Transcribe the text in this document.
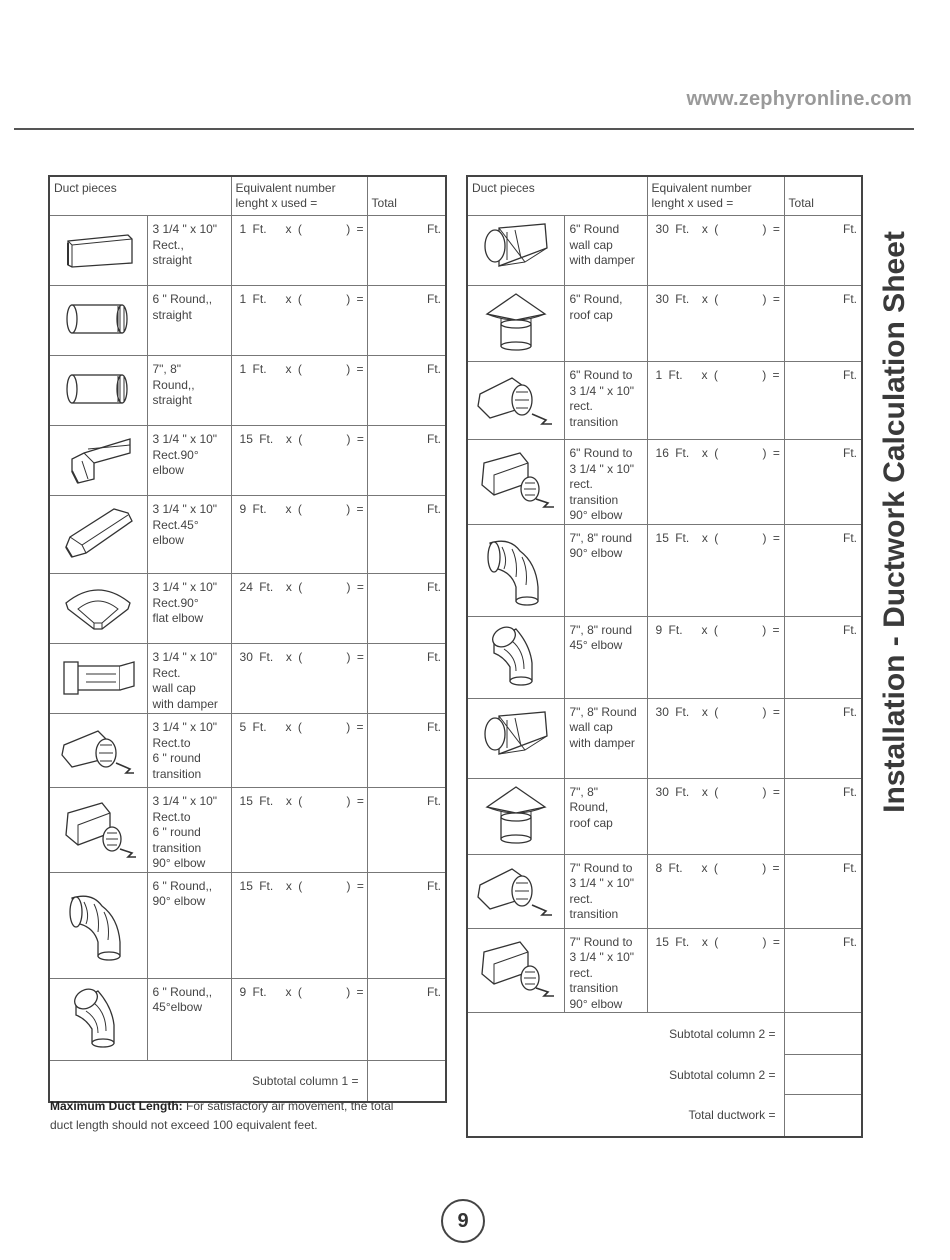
www.zephyronline.com
Installation - Ductwork Calculation Sheet
Duct pieces		Equivalent number
lenght x used =	Total
	3 1/4 " x 10"
Rect.,
straight	1 Ft.   x (       ) =	Ft.
	6 " Round,,
straight	1 Ft.   x (       ) =	Ft.
	7", 8"
Round,,
straight	1 Ft.   x (       ) =	Ft.
	3 1/4 " x 10"
Rect.90°
elbow	15 Ft.  x (       ) =	Ft.
	3 1/4 " x 10"
Rect.45°
elbow	9 Ft.   x (       ) =	Ft.
	3 1/4 " x 10"
Rect.90°
flat elbow	24 Ft.  x (       ) =	Ft.
	3 1/4 " x 10"
Rect.
wall cap
with damper	30 Ft.  x (       ) =	Ft.
	3 1/4 " x 10"
Rect.to
6 " round
transition	5 Ft.   x (       ) =	Ft.
	3 1/4 " x 10"
Rect.to
6 " round
transition
90° elbow	15 Ft.  x (       ) =	Ft.
	6 " Round,,
90° elbow	15 Ft.  x (       ) =	Ft.
	6 " Round,,
45°elbow	9 Ft.   x (       ) =	Ft.
Subtotal column 1 =			
Duct pieces		Equivalent number
lenght x used =	Total
	6" Round
wall cap
with damper	30 Ft.  x (       ) =	Ft.
	6" Round,
roof cap	30 Ft.  x (       ) =	Ft.
	6" Round to
3 1/4 " x 10"
rect.
transition	1 Ft.   x (       ) =	Ft.
	6" Round to
3 1/4 " x 10"
rect.
transition
90° elbow	16 Ft.  x (       ) =	Ft.
	7", 8" round
90° elbow	15 Ft.  x (       ) =	Ft.
	7", 8" round
45° elbow	9 Ft.   x (       ) =	Ft.
	7", 8" Round
wall cap
with damper	30 Ft.  x (       ) =	Ft.
	7", 8"
Round,
roof cap	30 Ft.  x (       ) =	Ft.
	7" Round to
3 1/4 " x 10"
rect.
transition	8 Ft.   x (       ) =	Ft.
	7" Round to
3 1/4 " x 10"
rect.
transition
90° elbow	15 Ft.  x (       ) =	Ft.
Subtotal column 2 =			
Subtotal column 2 =			
Total ductwork =			
Maximum Duct Length: For satisfactory air movement, the total
duct length should not exceed 100 equivalent feet.
9
